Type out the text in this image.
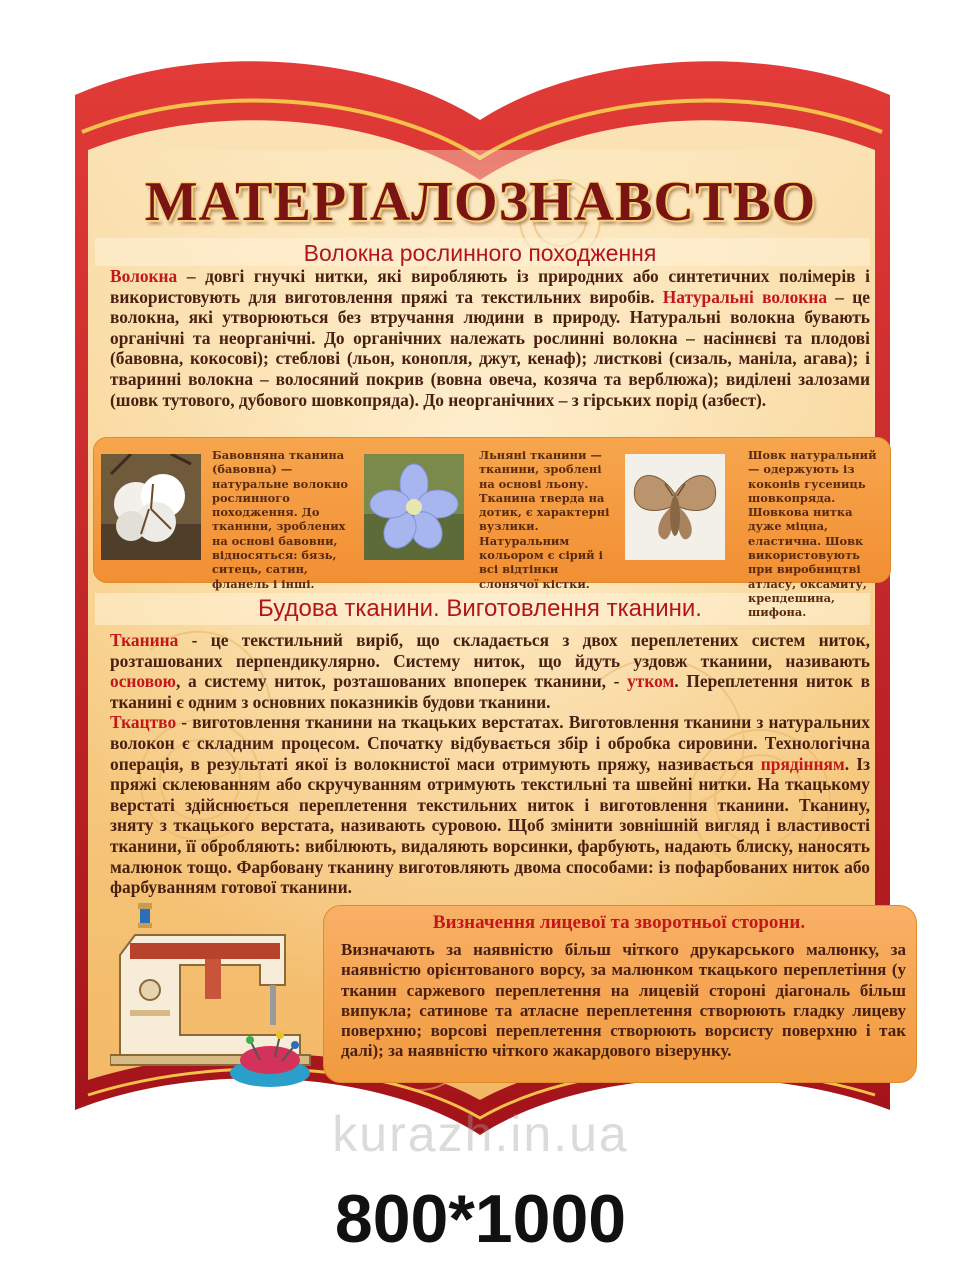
МАТЕРІАЛОЗНАВСТВО
Волокна рослинного походження
Волокна – довгі гнучкі нитки, які виробляють із природних або синтетичних полімерів і використовують для виготовлення пряжі та текстильних виробів. Натуральні волокна – це волокна, які утворюються без втручання людини в природу. Натуральні волокна бувають органічні та неорганічні. До органічних належать рослинні волокна – насіннєві та плодові (бавовна, кокосові); стеблові (льон, конопля, джут, кенаф); листкові (сизаль, маніла, агава); і тваринні волокна – волосяний покрив (вовна овеча, козяча та верблюжа); виділені залозами (шовк тутового, дубового шовкопряда). До неорганічних – з гірських порід (азбест).
Бавовняна тканина (бавовна) — натуральне волокно рослинного походження. До тканини, зроблених на основі бавовни, відносяться: бязь, ситець, сатин, фланель і інші.
Льняні тканини — тканини, зроблені на основі льону. Тканина тверда на дотик, є характерні вузлики. Натуральним кольором є сірий і всі відтінки слонячої кістки.
Шовк натуральний — одержують із коконів гусениць шовкопряда. Шовкова нитка дуже міцна, еластична. Шовк використовують при виробництві атласу, оксамиту, крепдешина, шифона.
Будова тканини. Виготовлення тканини.
Тканина - це текстильний виріб, що складається з двох переплетених систем ниток, розташованих перпендикулярно. Систему ниток, що йдуть уздовж тканини, називають основою, а систему ниток, розташованих впоперек тканини, - утком. Переплетення ниток в тканині є одним з основних показників будови тканини.
Ткацтво - виготовлення тканини на ткацьких верстатах. Виготовлення тканини з натуральних волокон є складним процесом. Спочатку відбувається збір і обробка сировини. Технологічна операція, в результаті якої із волокнистої маси отримують пряжу, називається прядінням. Із пряжі склеюванням або скручуванням отримують текстильні та швейні нитки. На ткацькому верстаті здійснюється переплетення текстильних ниток і виготовлення тканини. Тканину, зняту з ткацького верстата, називають суровою. Щоб змінити зовнішній вигляд і властивості тканини, її обробляють: вибілюють, видаляють ворсинки, фарбують, надають блиску, наносять малюнок тощо. Фарбовану тканину виготовляють двома способами: із пофарбованих ниток або фарбуванням готової тканини.
Визначення лицевої та зворотньої сторони.
Визначають за наявністю більш чіткого друкарського малюнку, за наявністю орієнтованого ворсу, за малюнком ткацького переплетіння (у тканин саржевого переплетення на лицевій стороні діагональ більш випукла; сатинове та атласне переплетення створюють гладку лицеву поверхню; ворсові переплетення створюють ворсисту поверхню і так далі); за наявністю чіткого жакардового візерунку.
kurazh.in.ua
800*1000
